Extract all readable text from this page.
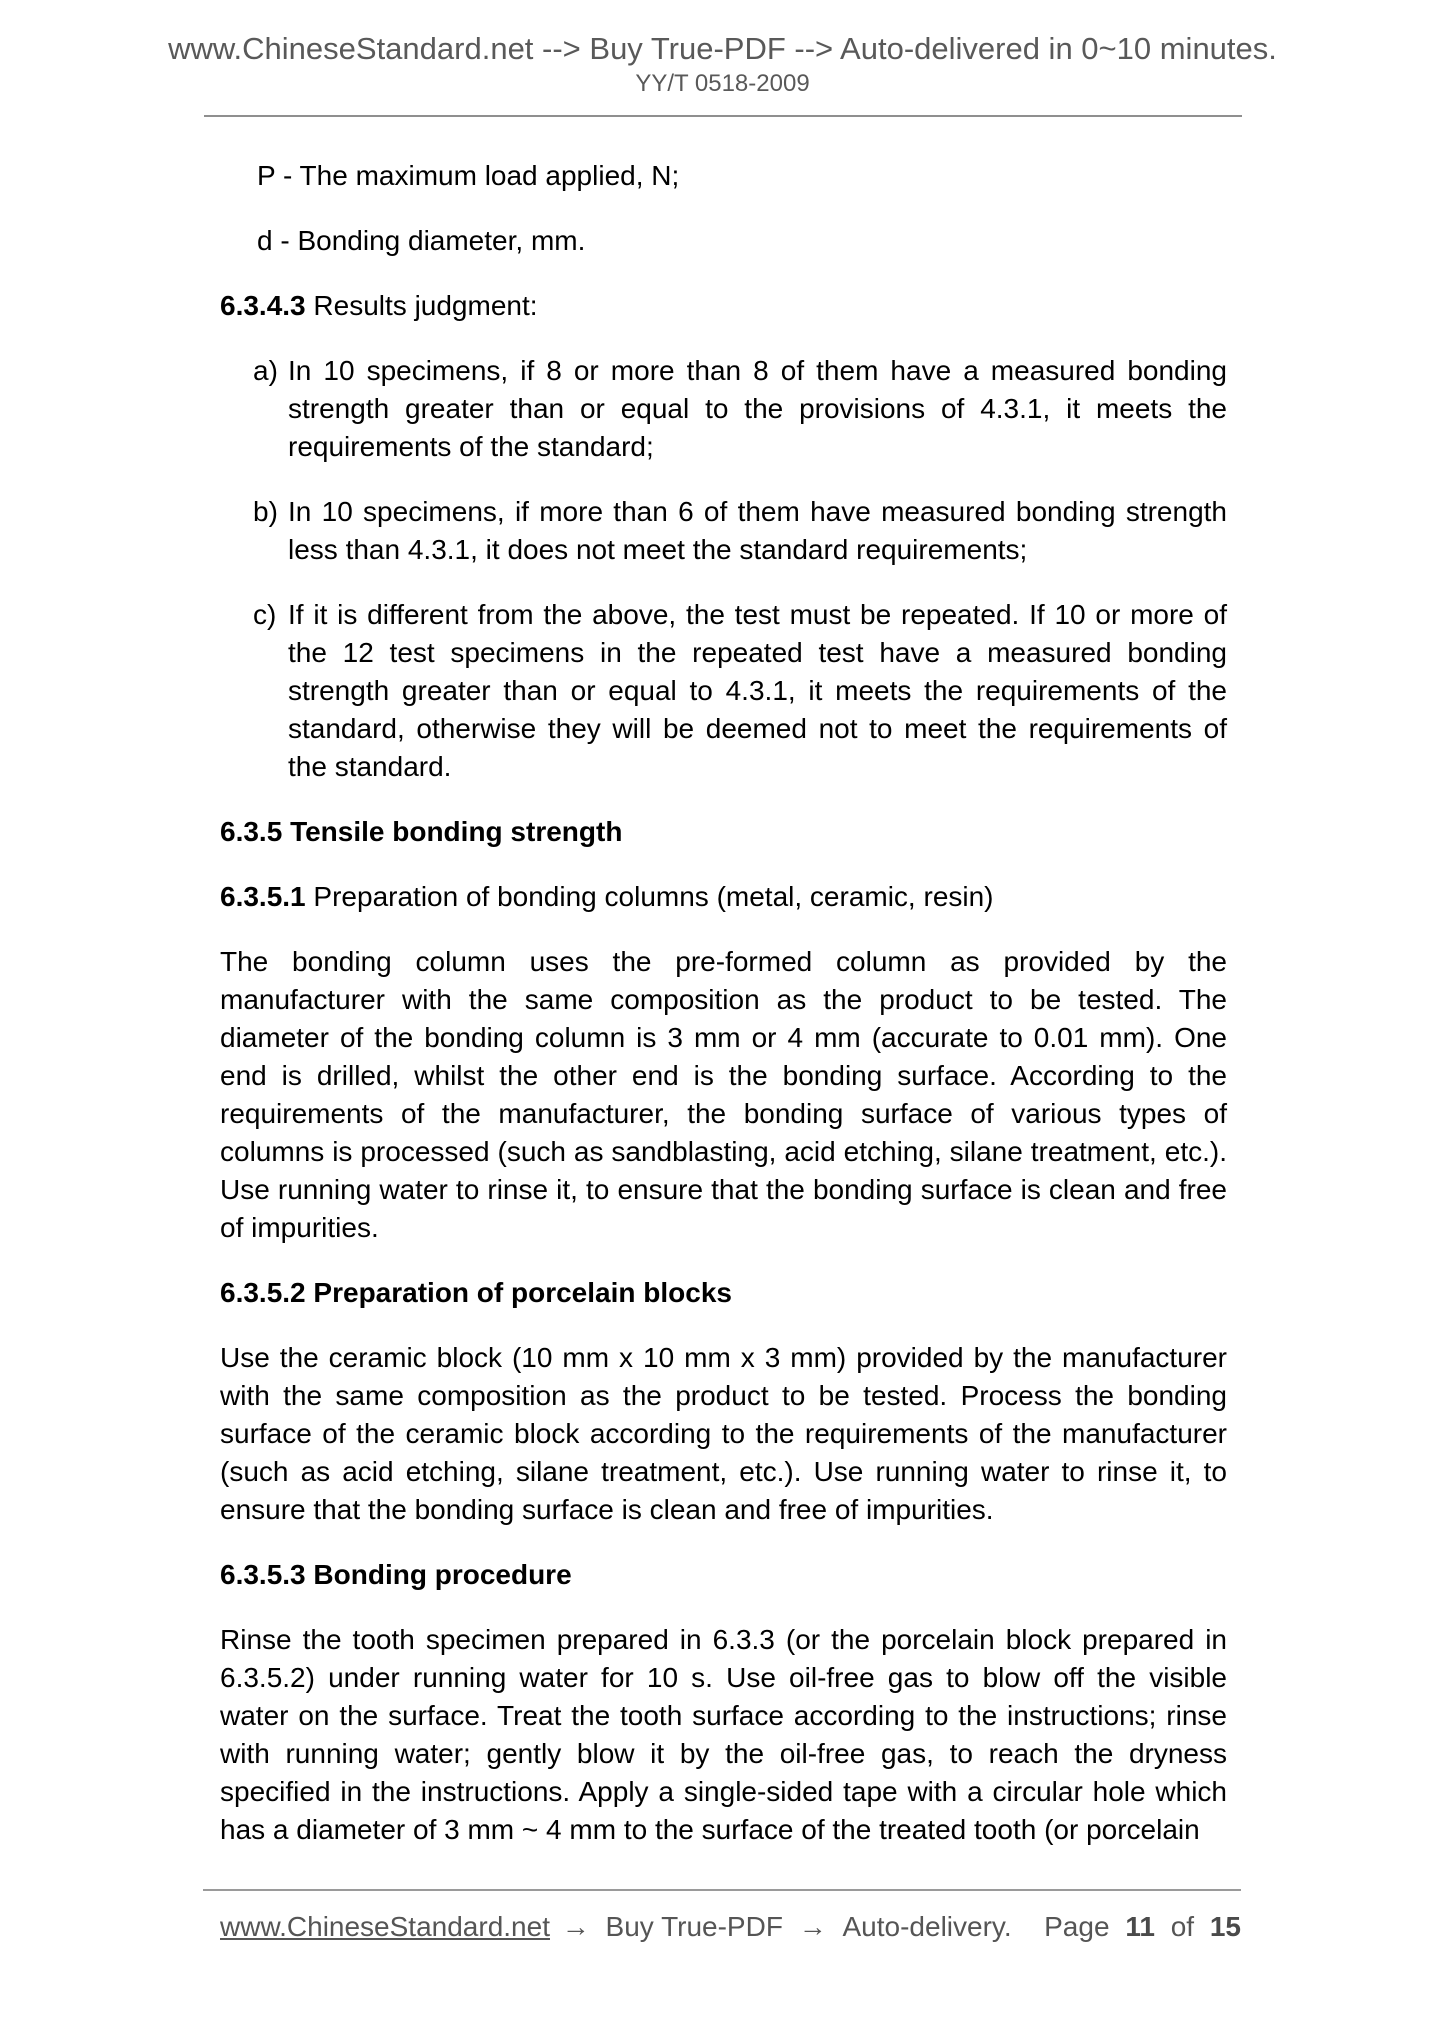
www.ChineseStandard.net --> Buy True-PDF --> Auto-delivered in 0~10 minutes.
YY/T 0518-2009

P - The maximum load applied, N;

d - Bonding diameter, mm.

6.3.4.3 Results judgment:

a) In 10 specimens, if 8 or more than 8 of them have a measured bonding strength greater than or equal to the provisions of 4.3.1, it meets the requirements of the standard;

b) In 10 specimens, if more than 6 of them have measured bonding strength less than 4.3.1, it does not meet the standard requirements;

c) If it is different from the above, the test must be repeated. If 10 or more of the 12 test specimens in the repeated test have a measured bonding strength greater than or equal to 4.3.1, it meets the requirements of the standard, otherwise they will be deemed not to meet the requirements of the standard.

6.3.5 Tensile bonding strength

6.3.5.1 Preparation of bonding columns (metal, ceramic, resin)

The bonding column uses the pre-formed column as provided by the manufacturer with the same composition as the product to be tested. The diameter of the bonding column is 3 mm or 4 mm (accurate to 0.01 mm). One end is drilled, whilst the other end is the bonding surface. According to the requirements of the manufacturer, the bonding surface of various types of columns is processed (such as sandblasting, acid etching, silane treatment, etc.). Use running water to rinse it, to ensure that the bonding surface is clean and free of impurities.

6.3.5.2 Preparation of porcelain blocks

Use the ceramic block (10 mm x 10 mm x 3 mm) provided by the manufacturer with the same composition as the product to be tested. Process the bonding surface of the ceramic block according to the requirements of the manufacturer (such as acid etching, silane treatment, etc.). Use running water to rinse it, to ensure that the bonding surface is clean and free of impurities.

6.3.5.3 Bonding procedure

Rinse the tooth specimen prepared in 6.3.3 (or the porcelain block prepared in 6.3.5.2) under running water for 10 s. Use oil-free gas to blow off the visible water on the surface. Treat the tooth surface according to the instructions; rinse with running water; gently blow it by the oil-free gas, to reach the dryness specified in the instructions. Apply a single-sided tape with a circular hole which has a diameter of 3 mm ~ 4 mm to the surface of the treated tooth (or porcelain

www.ChineseStandard.net → Buy True-PDF → Auto-delivery. Page 11 of 15
